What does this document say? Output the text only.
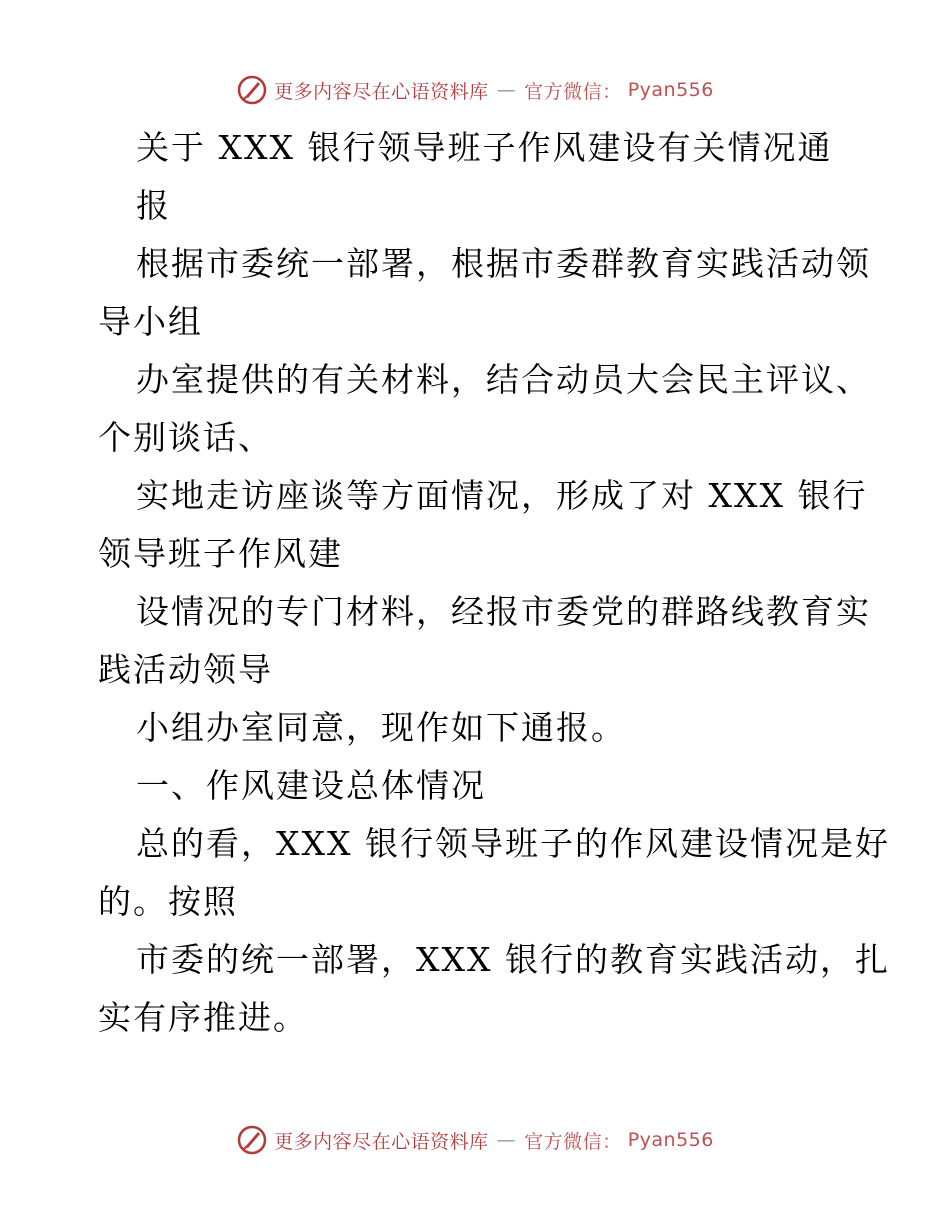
更多内容尽在心语资料库 — 官方微信： Pyan556
关于 XXX 银行领导班子作风建设有关情况通
报
根据市委统一部署，根据市委群教育实践活动领
导小组
办室提供的有关材料，结合动员大会民主评议、
个别谈话、
实地走访座谈等方面情况，形成了对 XXX 银行
领导班子作风建
设情况的专门材料，经报市委党的群路线教育实
践活动领导
小组办室同意，现作如下通报。
一、作风建设总体情况
总的看，XXX 银行领导班子的作风建设情况是好
的。按照
市委的统一部署，XXX 银行的教育实践活动，扎
实有序推进。
更多内容尽在心语资料库 — 官方微信： Pyan556
